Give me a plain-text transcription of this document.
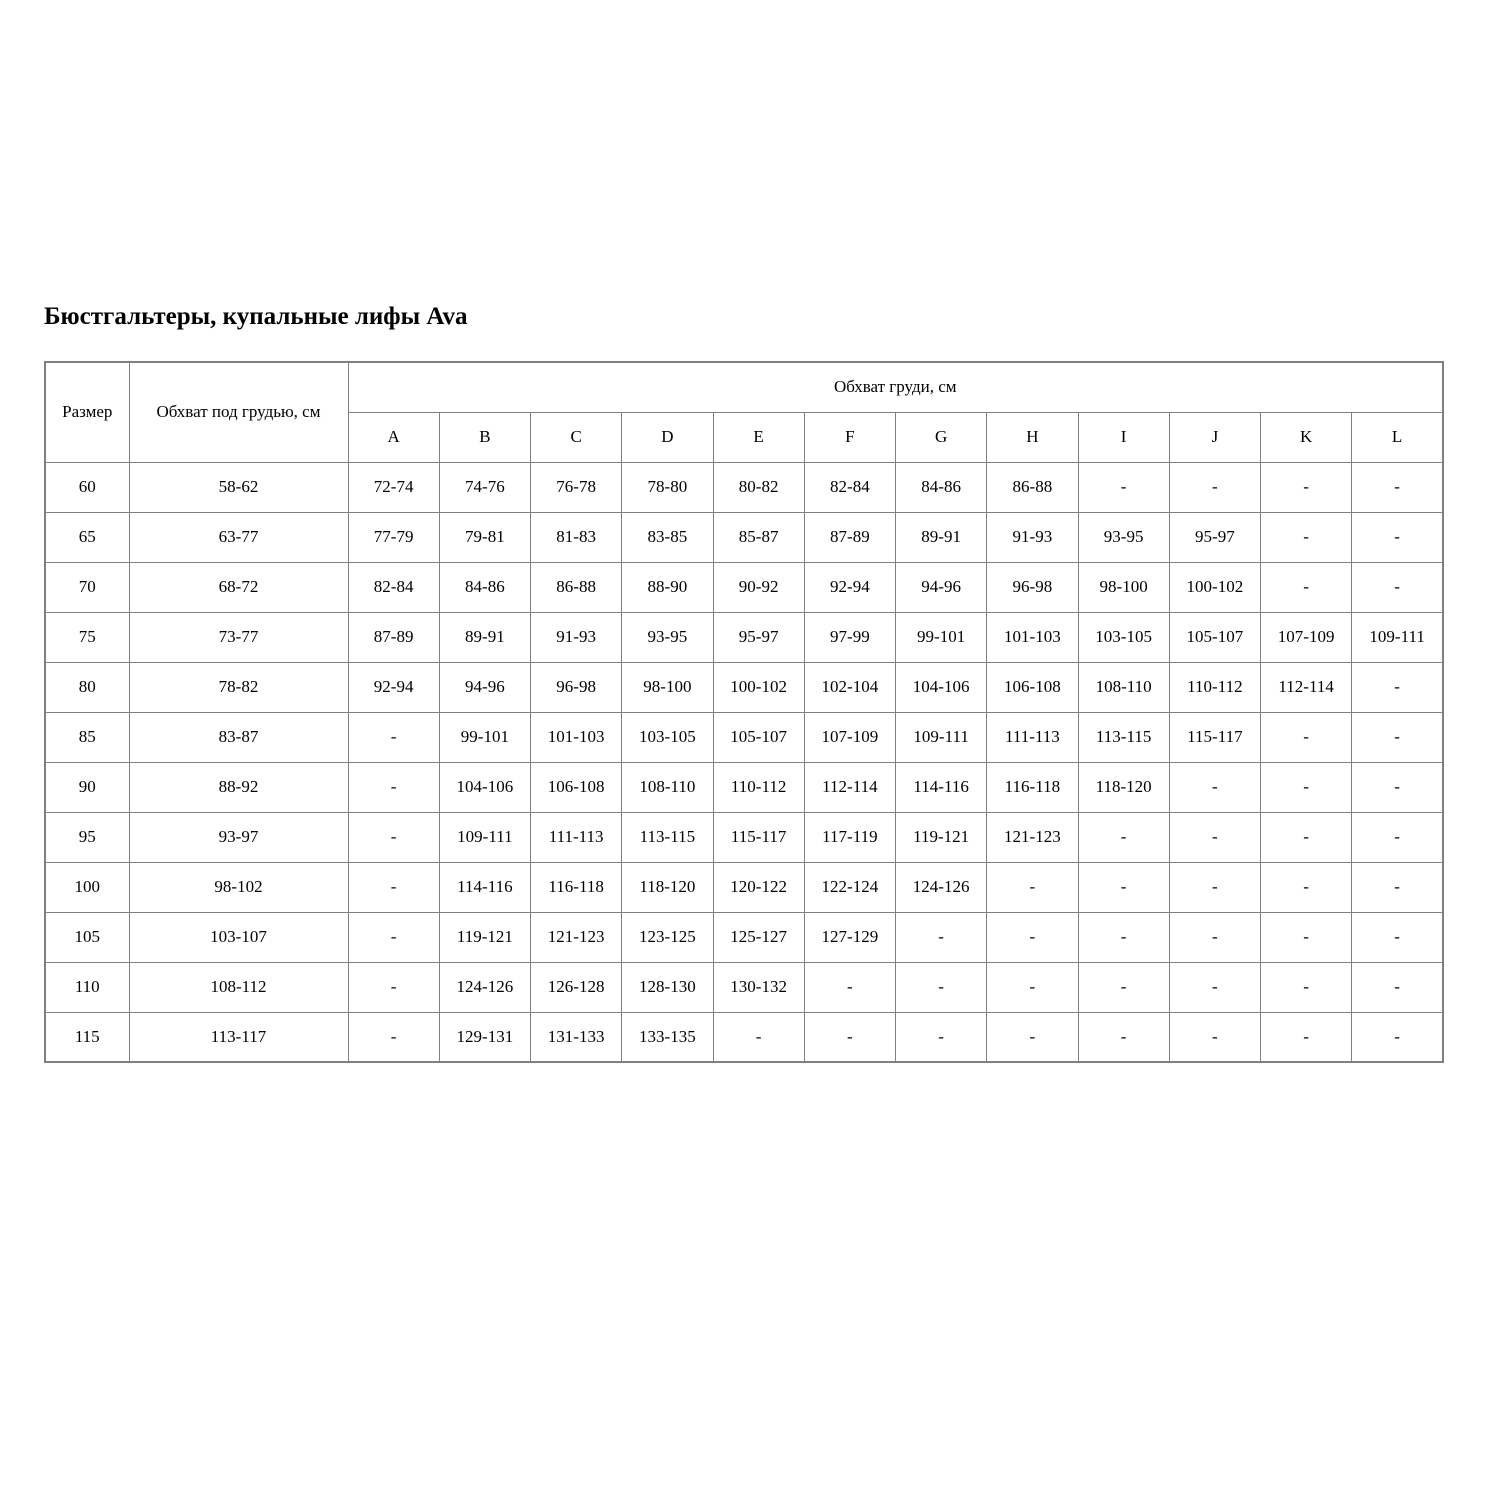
Бюстгальтеры, купальные лифы Ava
Размер	Обхват под грудью, см	Обхват груди, см											
		A	B	C	D	E	F	G	H	I	J	K	L
60	58-62	72-74	74-76	76-78	78-80	80-82	82-84	84-86	86-88	-	-	-	-
65	63-77	77-79	79-81	81-83	83-85	85-87	87-89	89-91	91-93	93-95	95-97	-	-
70	68-72	82-84	84-86	86-88	88-90	90-92	92-94	94-96	96-98	98-100	100-102	-	-
75	73-77	87-89	89-91	91-93	93-95	95-97	97-99	99-101	101-103	103-105	105-107	107-109	109-111
80	78-82	92-94	94-96	96-98	98-100	100-102	102-104	104-106	106-108	108-110	110-112	112-114	-
85	83-87	-	99-101	101-103	103-105	105-107	107-109	109-111	111-113	113-115	115-117	-	-
90	88-92	-	104-106	106-108	108-110	110-112	112-114	114-116	116-118	118-120	-	-	-
95	93-97	-	109-111	111-113	113-115	115-117	117-119	119-121	121-123	-	-	-	-
100	98-102	-	114-116	116-118	118-120	120-122	122-124	124-126	-	-	-	-	-
105	103-107	-	119-121	121-123	123-125	125-127	127-129	-	-	-	-	-	-
110	108-112	-	124-126	126-128	128-130	130-132	-	-	-	-	-	-	-
115	113-117	-	129-131	131-133	133-135	-	-	-	-	-	-	-	-
